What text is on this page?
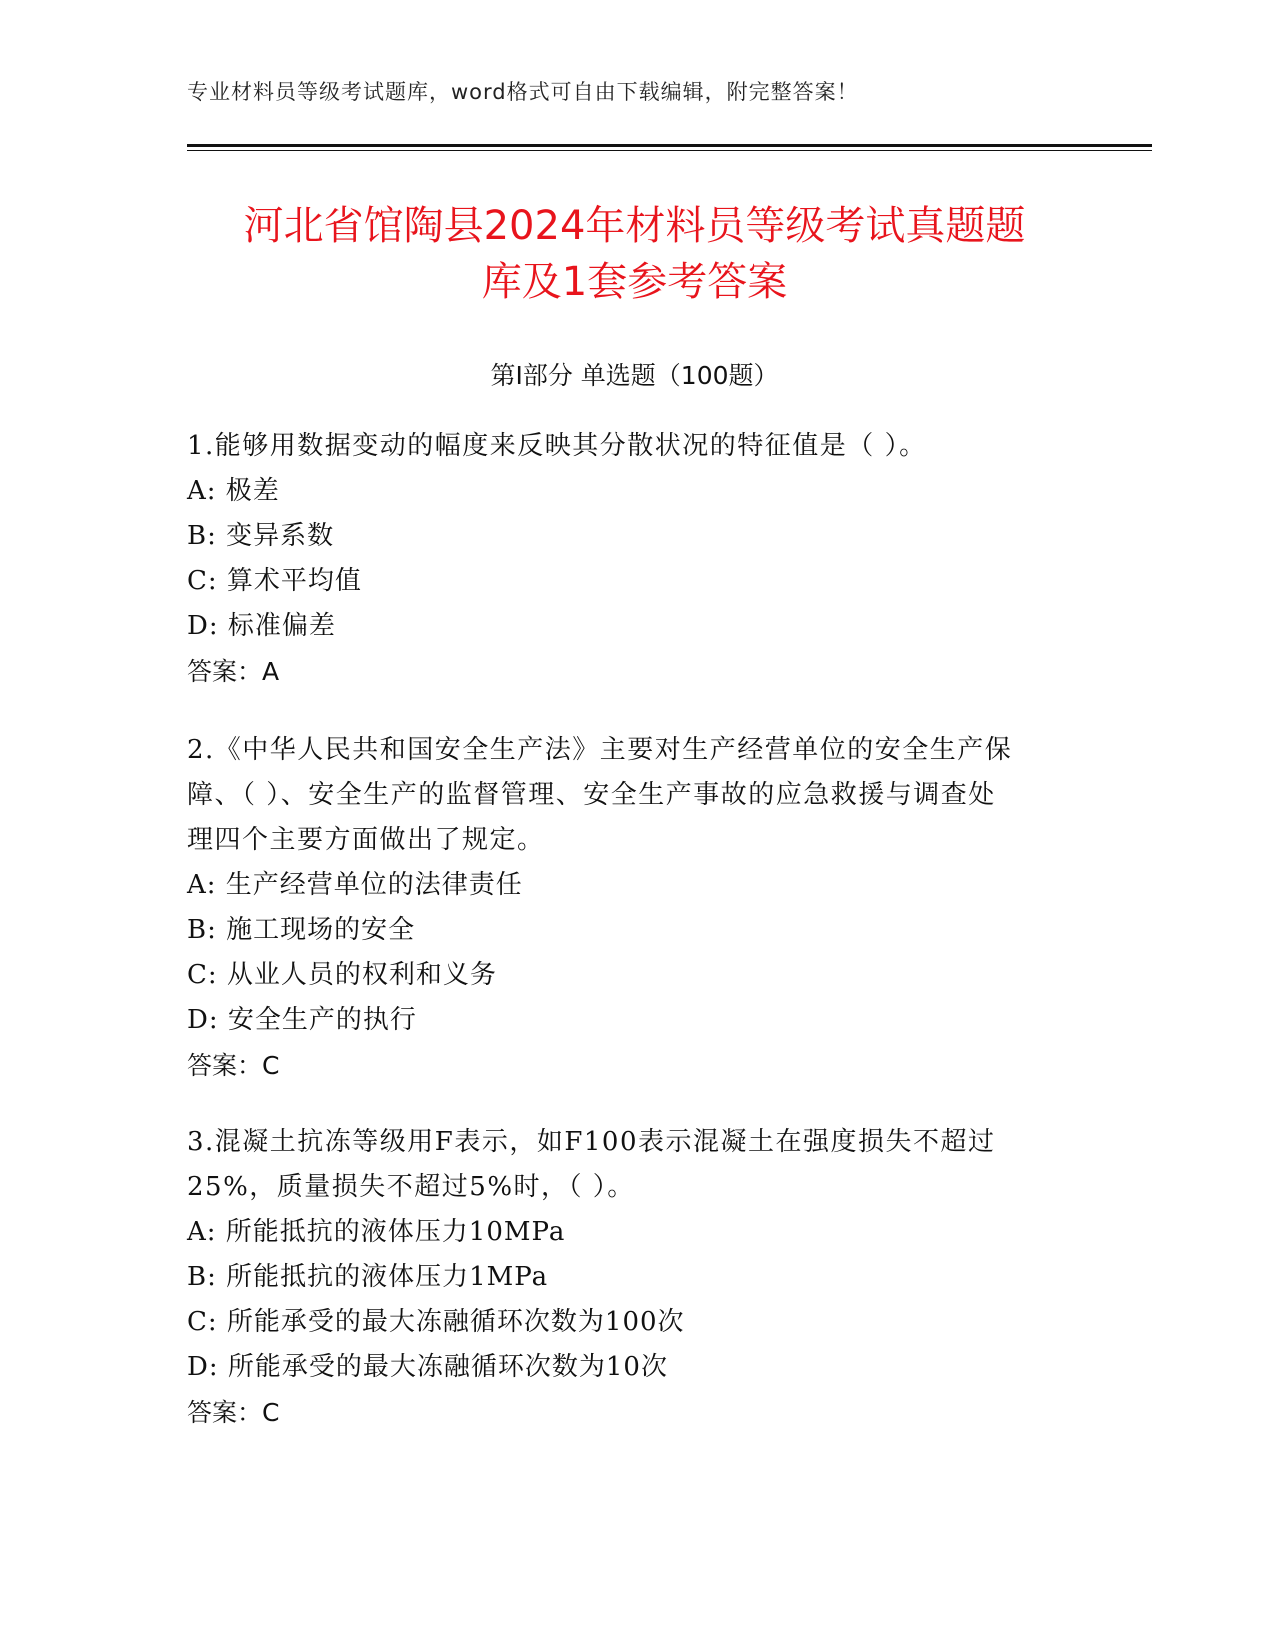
专业材料员等级考试题库，word格式可自由下载编辑，附完整答案！
河北省馆陶县2024年材料员等级考试真题题
库及1套参考答案
第Ⅰ部分 单选题（100题）
1.能够用数据变动的幅度来反映其分散状况的特征值是（ ）。
A: 极差
B: 变异系数
C: 算术平均值
D: 标准偏差
答案：A
2.《中华人民共和国安全生产法》主要对生产经营单位的安全生产保
障、（ ）、安全生产的监督管理、安全生产事故的应急救援与调查处
理四个主要方面做出了规定。
A: 生产经营单位的法律责任
B: 施工现场的安全
C: 从业人员的权利和义务
D: 安全生产的执行
答案：C
3.混凝土抗冻等级用F表示，如F100表示混凝土在强度损失不超过
25%，质量损失不超过5%时，（ ）。
A: 所能抵抗的液体压力10MPa
B: 所能抵抗的液体压力1MPa
C: 所能承受的最大冻融循环次数为100次
D: 所能承受的最大冻融循环次数为10次
答案：C
